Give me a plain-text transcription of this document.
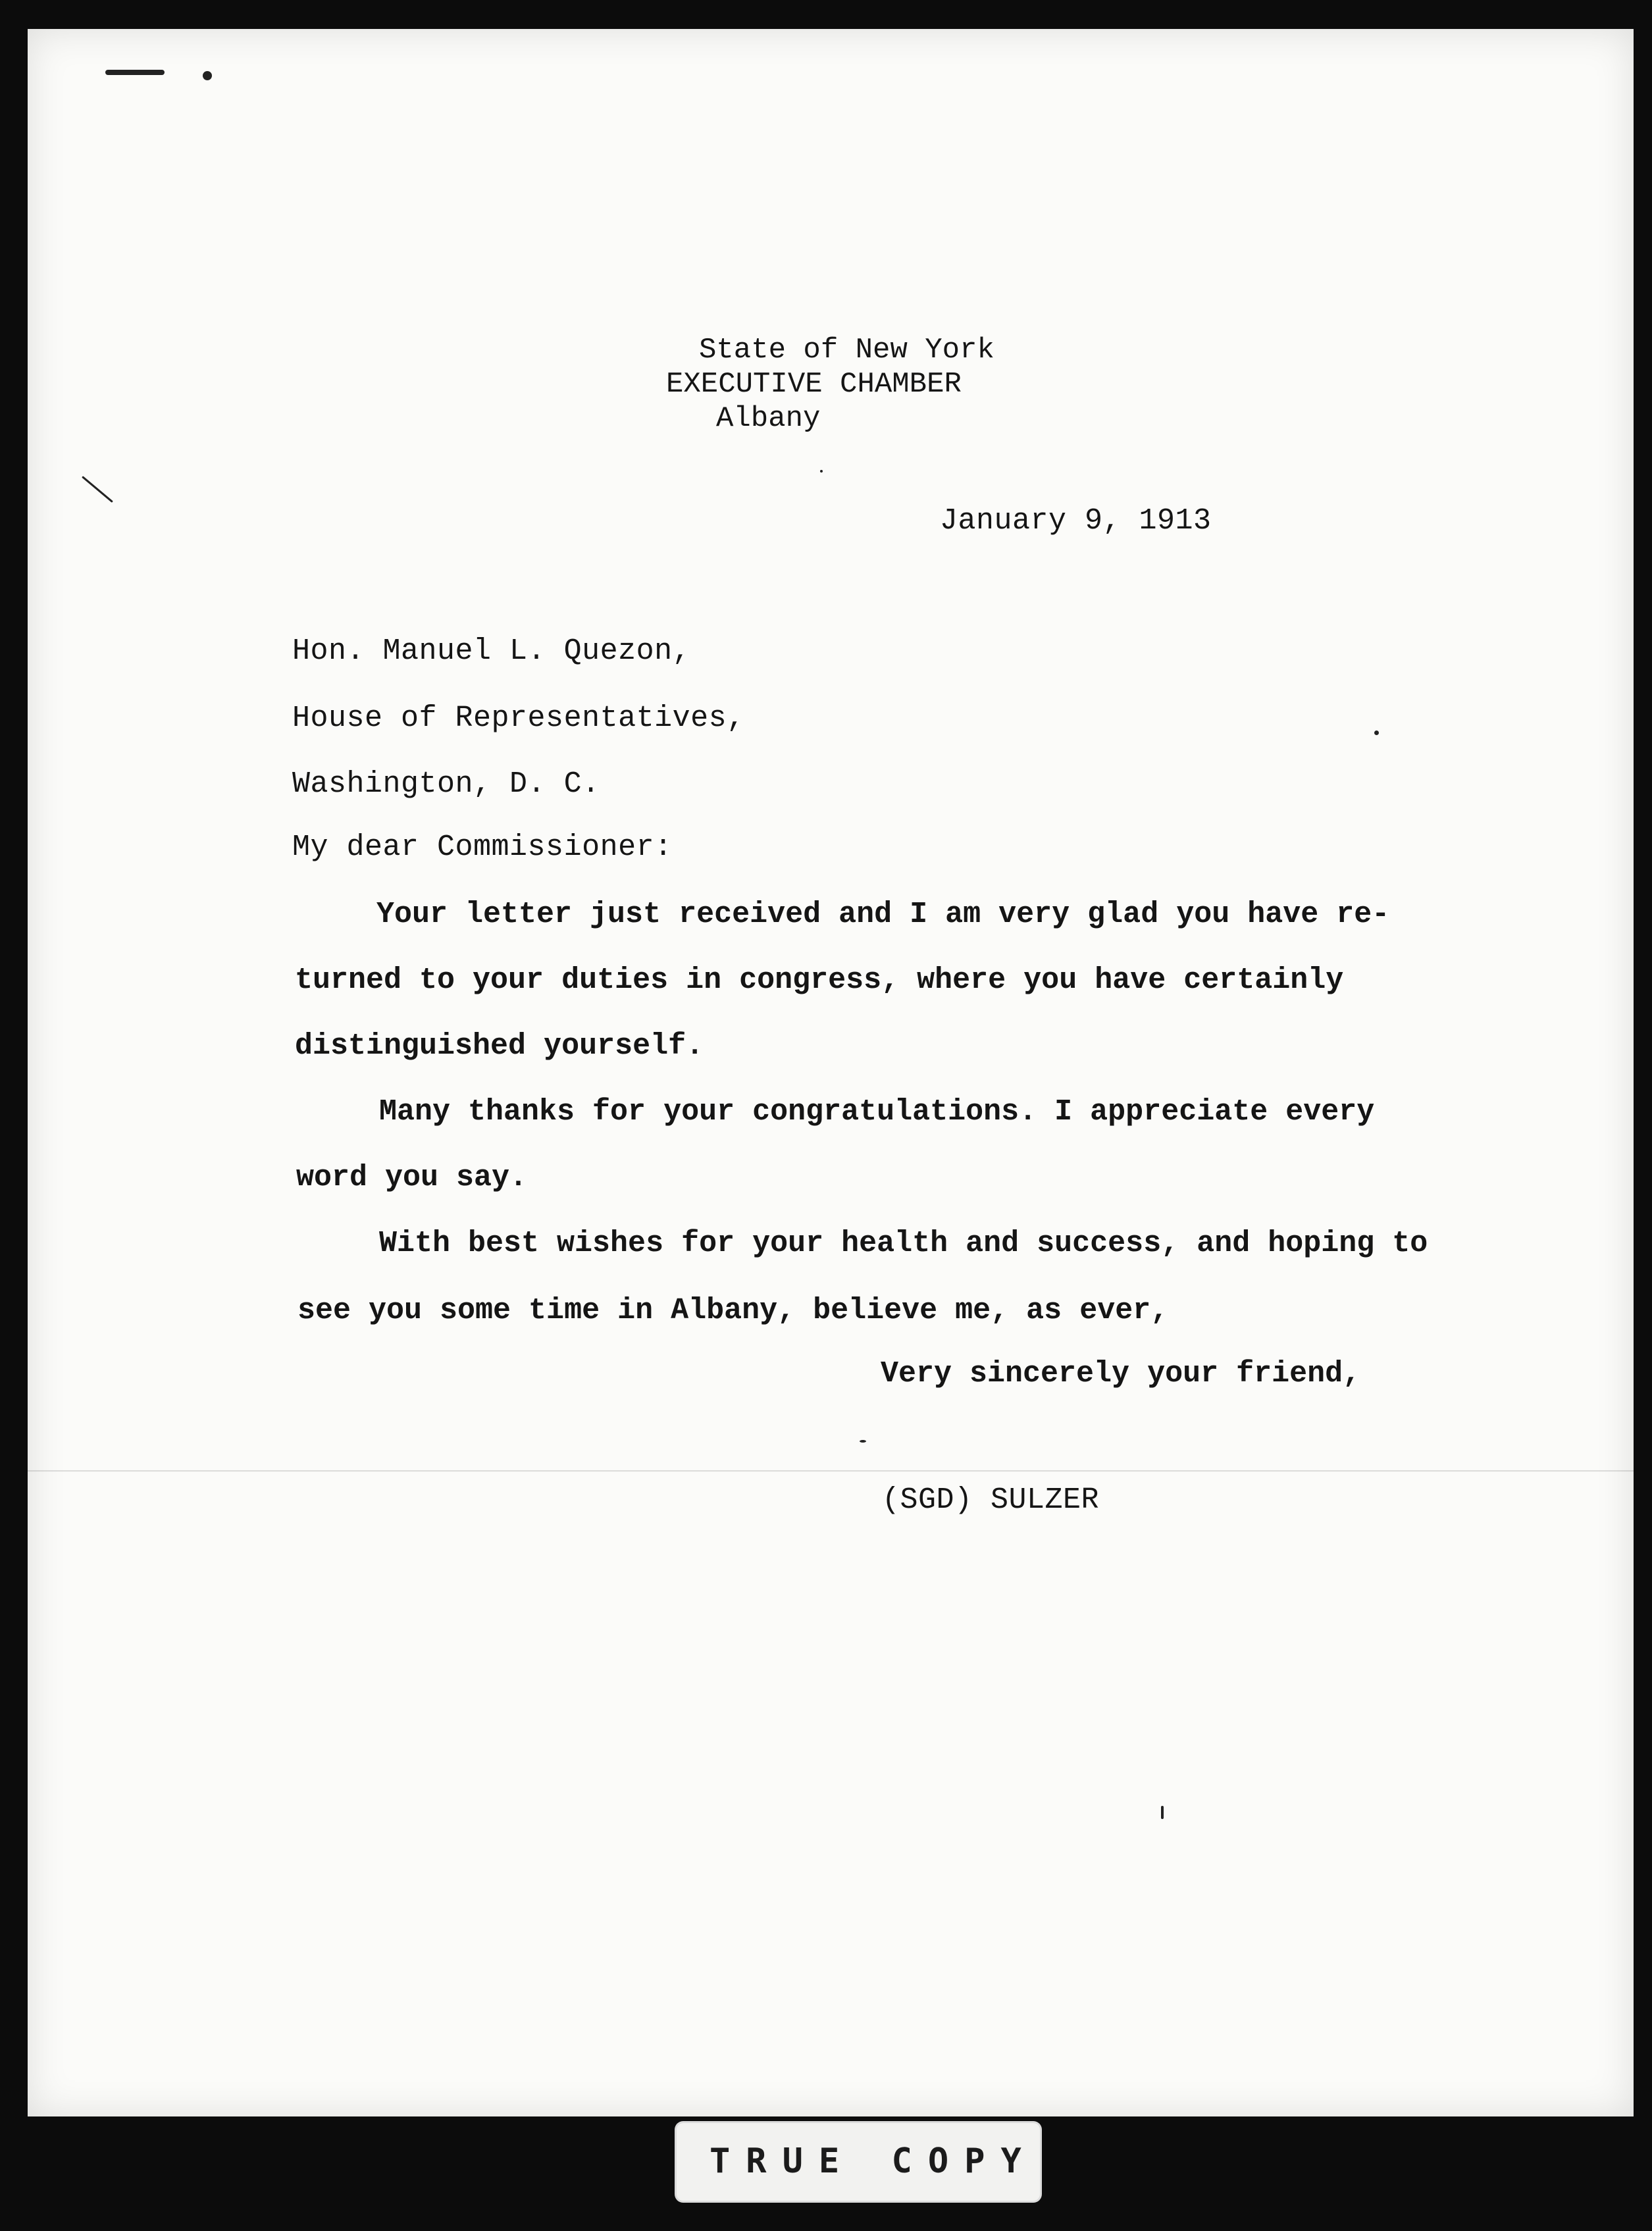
State of New York
EXECUTIVE CHAMBER
Albany
January 9, 1913
Hon. Manuel L. Quezon,
House of Representatives,
Washington, D. C.
My dear Commissioner:
Your letter just received and I am very glad you have re-
turned to your duties in congress, where you have certainly
distinguished yourself.
Many thanks for your congratulations. I appreciate every
word you say.
With best wishes for your health and success, and hoping to
see you some time in Albany, believe me, as ever,
Very sincerely your friend,
(SGD) SULZER
TRUE COPY
